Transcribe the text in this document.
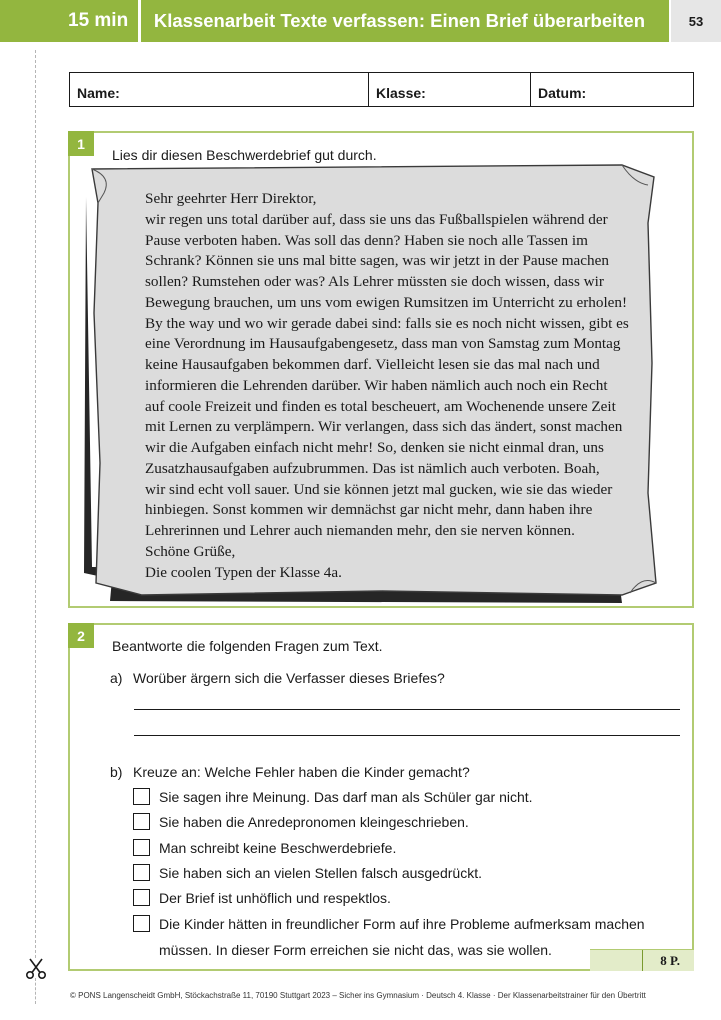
15 min	Klassenarbeit Texte verfassen: Einen Brief überarbeiten	53
Name:	Klasse:	Datum:
1
Lies dir diesen Beschwerdebrief gut durch.
Sehr geehrter Herr Direktor,
wir regen uns total darüber auf, dass sie uns das Fußballspielen während der
Pause verboten haben. Was soll das denn? Haben sie noch alle Tassen im
Schrank? Können sie uns mal bitte sagen, was wir jetzt in der Pause machen
sollen? Rumstehen oder was? Als Lehrer müssten sie doch wissen, dass wir
Bewegung brauchen, um uns vom ewigen Rumsitzen im Unterricht zu erholen!
By the way und wo wir gerade dabei sind: falls sie es noch nicht wissen, gibt es
eine Verordnung im Hausaufgabengesetz, dass man von Samstag zum Montag
keine Hausaufgaben bekommen darf. Vielleicht lesen sie das mal nach und
informieren die Lehrenden darüber. Wir haben nämlich auch noch ein Recht
auf coole Freizeit und finden es total bescheuert, am Wochenende unsere Zeit
mit Lernen zu verplämpern. Wir verlangen, dass sich das ändert, sonst machen
wir die Aufgaben einfach nicht mehr! So, denken sie nicht einmal dran, uns
Zusatzhausaufgaben aufzubrummen. Das ist nämlich auch verboten. Boah,
wir sind echt voll sauer. Und sie können jetzt mal gucken, wie sie das wieder
hinbiegen. Sonst kommen wir demnächst gar nicht mehr, dann haben ihre
Lehrerinnen und Lehrer auch niemanden mehr, den sie nerven können.
Schöne Grüße,
Die coolen Typen der Klasse 4a.
2
Beantworte die folgenden Fragen zum Text.
a) Worüber ärgern sich die Verfasser dieses Briefes?
b) Kreuze an: Welche Fehler haben die Kinder gemacht?
Sie sagen ihre Meinung. Das darf man als Schüler gar nicht.
Sie haben die Anredepronomen kleingeschrieben.
Man schreibt keine Beschwerdebriefe.
Sie haben sich an vielen Stellen falsch ausgedrückt.
Der Brief ist unhöflich und respektlos.
Die Kinder hätten in freundlicher Form auf ihre Probleme aufmerksam machen
müssen. In dieser Form erreichen sie nicht das, was sie wollen.
8 P.
© PONS Langenscheidt GmbH, Stöckachstraße 11, 70190 Stuttgart 2023 – Sicher ins Gymnasium · Deutsch 4. Klasse · Der Klassenarbeitstrainer für den Übertritt
